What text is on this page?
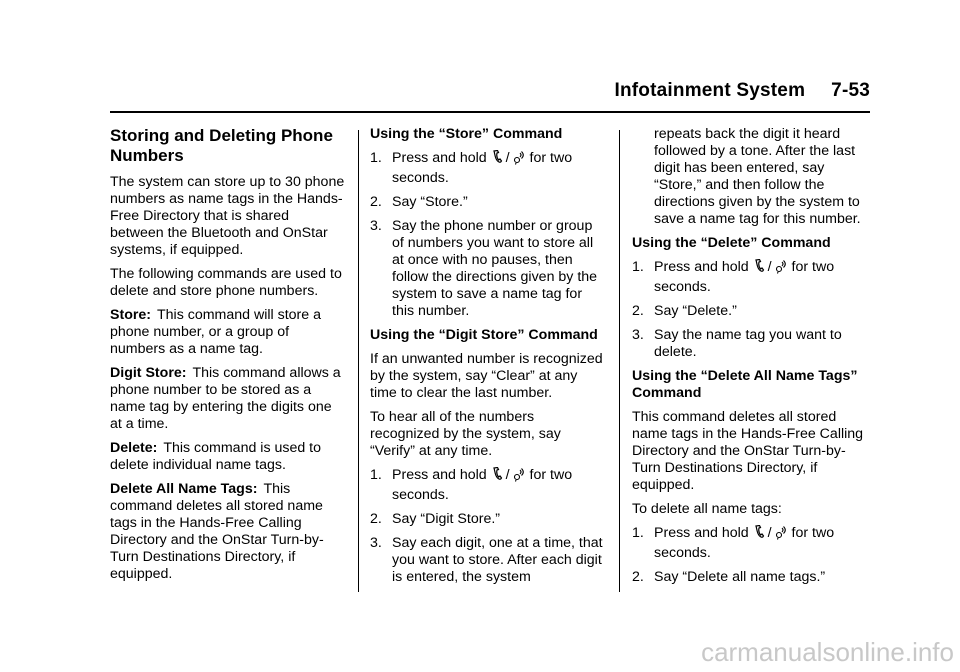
Infotainment System 7-53
Storing and Deleting Phone Numbers

The system can store up to 30 phone numbers as name tags in the Hands-Free Directory that is shared between the Bluetooth and OnStar systems, if equipped.

The following commands are used to delete and store phone numbers.

Store: This command will store a phone number, or a group of numbers as a name tag.

Digit Store: This command allows a phone number to be stored as a name tag by entering the digits one at a time.

Delete: This command is used to delete individual name tags.

Delete All Name Tags: This command deletes all stored name tags in the Hands-Free Calling Directory and the OnStar Turn-by-Turn Destinations Directory, if equipped.

Using the “Store” Command
1. Press and hold / for two seconds.
2. Say “Store.”
3. Say the phone number or group of numbers you want to store all at once with no pauses, then follow the directions given by the system to save a name tag for this number.
Using the “Digit Store” Command

If an unwanted number is recognized by the system, say “Clear” at any time to clear the last number.

To hear all of the numbers recognized by the system, say “Verify” at any time.

1. Press and hold / for two seconds.
2. Say “Digit Store.”
3. Say each digit, one at a time, that you want to store. After each digit is entered, the system

repeats back the digit it heard followed by a tone. After the last digit has been entered, say “Store,” and then follow the directions given by the system to save a name tag for this number.

Using the “Delete” Command
1. Press and hold / for two seconds.
2. Say “Delete.”
3. Say the name tag you want to delete.
Using the “Delete All Name Tags” Command

This command deletes all stored name tags in the Hands-Free Calling Directory and the OnStar Turn-by-Turn Destinations Directory, if equipped.

To delete all name tags:

1. Press and hold / for two seconds.
2. Say “Delete all name tags.”
carmanualsonline.info
